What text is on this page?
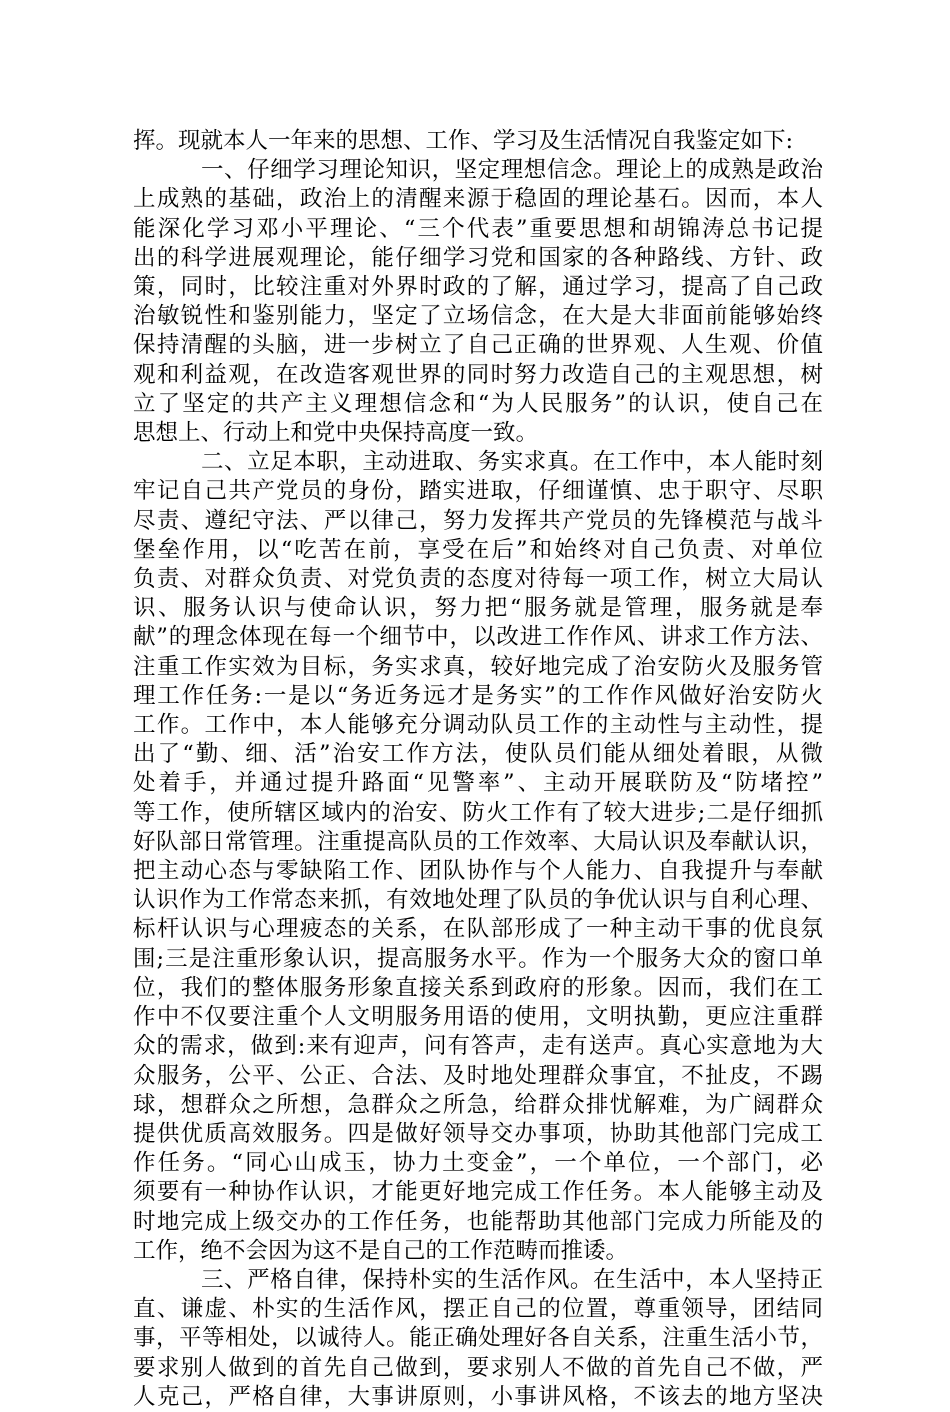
挥。现就本人一年来的思想、工作、学习及生活情况自我鉴定如下:
一、仔细学习理论知识，坚定理想信念。理论上的成熟是政治
上成熟的基础，政治上的清醒来源于稳固的理论基石。因而，本人
能深化学习邓小平理论、“三个代表”重要思想和胡锦涛总书记提
出的科学进展观理论，能仔细学习党和国家的各种路线、方针、政
策，同时，比较注重对外界时政的了解，通过学习，提高了自己政
治敏锐性和鉴别能力，坚定了立场信念，在大是大非面前能够始终
保持清醒的头脑，进一步树立了自己正确的世界观、人生观、价值
观和利益观，在改造客观世界的同时努力改造自己的主观思想，树
立了坚定的共产主义理想信念和“为人民服务”的认识，使自己在
思想上、行动上和党中央保持高度一致。
二、立足本职，主动进取、务实求真。在工作中，本人能时刻
牢记自己共产党员的身份，踏实进取，仔细谨慎、忠于职守、尽职
尽责、遵纪守法、严以律己，努力发挥共产党员的先锋模范与战斗
堡垒作用，以“吃苦在前，享受在后”和始终对自己负责、对单位
负责、对群众负责、对党负责的态度对待每一项工作，树立大局认
识、服务认识与使命认识，努力把“服务就是管理，服务就是奉
献”的理念体现在每一个细节中，以改进工作作风、讲求工作方法、
注重工作实效为目标，务实求真，较好地完成了治安防火及服务管
理工作任务:一是以“务近务远才是务实”的工作作风做好治安防火
工作。工作中，本人能够充分调动队员工作的主动性与主动性，提
出了“勤、细、活”治安工作方法，使队员们能从细处着眼，从微
处着手，并通过提升路面“见警率”、主动开展联防及“防堵控”
等工作，使所辖区域内的治安、防火工作有了较大进步;二是仔细抓
好队部日常管理。注重提高队员的工作效率、大局认识及奉献认识，
把主动心态与零缺陷工作、团队协作与个人能力、自我提升与奉献
认识作为工作常态来抓，有效地处理了队员的争优认识与自利心理、
标杆认识与心理疲态的关系，在队部形成了一种主动干事的优良氛
围;三是注重形象认识，提高服务水平。作为一个服务大众的窗口单
位，我们的整体服务形象直接关系到政府的形象。因而，我们在工
作中不仅要注重个人文明服务用语的使用，文明执勤，更应注重群
众的需求，做到:来有迎声，问有答声，走有送声。真心实意地为大
众服务，公平、公正、合法、及时地处理群众事宜，不扯皮，不踢
球，想群众之所想，急群众之所急，给群众排忧解难，为广阔群众
提供优质高效服务。四是做好领导交办事项，协助其他部门完成工
作任务。“同心山成玉，协力土变金”，一个单位，一个部门，必
须要有一种协作认识，才能更好地完成工作任务。本人能够主动及
时地完成上级交办的工作任务，也能帮助其他部门完成力所能及的
工作，绝不会因为这不是自己的工作范畴而推诿。
三、严格自律，保持朴实的生活作风。在生活中，本人坚持正
直、谦虚、朴实的生活作风，摆正自己的位置，尊重领导，团结同
事，平等相处，以诚待人。能正确处理好各自关系，注重生活小节，
要求别人做到的首先自己做到，要求别人不做的首先自己不做，严
人克己，严格自律，大事讲原则，小事讲风格，不该去的地方坚决
